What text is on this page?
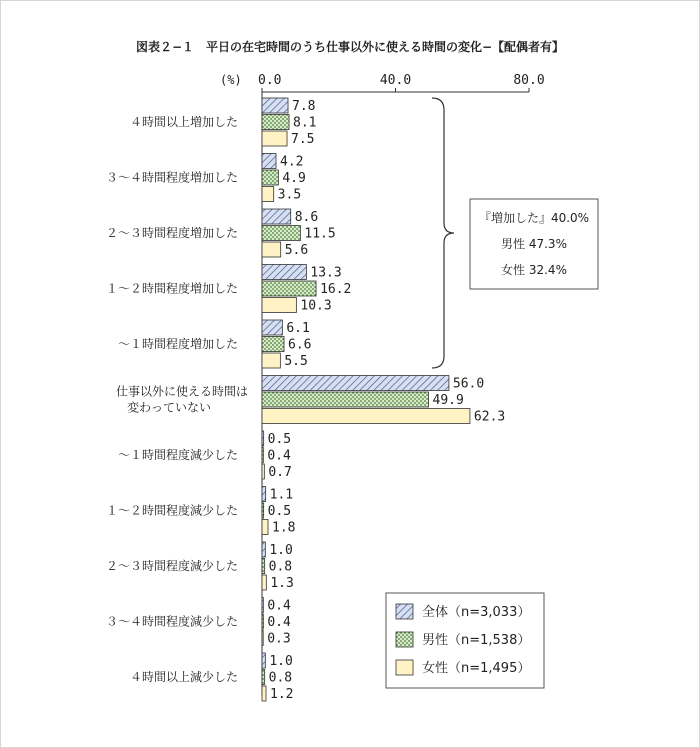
図表２−１　平日の在宅時間のうち仕事以外に使える時間の変化−【配偶者有】
(%) 0.0	40.0	80.0
４時間以上増加した
３～４時間程度増加した
２～３時間程度増加した
１～２時間程度増加した
～１時間程度増加した
仕事以外に使える時間は変わっていない
～１時間程度減少した
１～２時間程度減少した
２～３時間程度減少した
３～４時間程度減少した
４時間以上減少した
7.8
8.1
7.5
4.2
4.9
3.5
8.6
11.5
5.6
13.3
16.2
10.3
6.1
6.6
5.5
56.0
49.9
62.3
0.5
0.4
0.7
1.1
0.5
1.8
1.0
0.8
1.3
0.4
0.4
0.3
1.0
0.8
1.2
『増加した』40.0%
男性 47.3%
女性 32.4%
全体（n=3,033）
男性（n=1,538）
女性（n=1,495）
